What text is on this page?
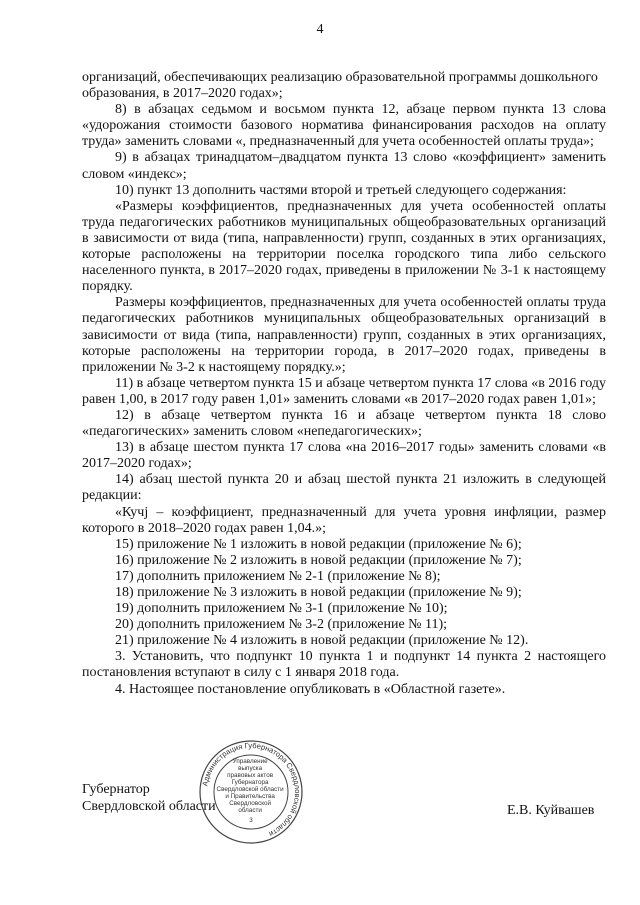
4

организаций, обеспечивающих реализацию образовательной программы дошкольного образования, в 2017–2020 годах»;

8) в абзацах седьмом и восьмом пункта 12, абзаце первом пункта 13 слова «удорожания стоимости базового норматива финансирования расходов на оплату труда» заменить словами «, предназначенный для учета особенностей оплаты труда»;

9) в абзацах тринадцатом–двадцатом пункта 13 слово «коэффициент» заменить словом «индекс»;

10) пункт 13 дополнить частями второй и третьей следующего содержания:

«Размеры коэффициентов, предназначенных для учета особенностей оплаты труда педагогических работников муниципальных общеобразовательных организаций в зависимости от вида (типа, направленности) групп, созданных в этих организациях, которые расположены на территории поселка городского типа либо сельского населенного пункта, в 2017–2020 годах, приведены в приложении № 3-1 к настоящему порядку.

Размеры коэффициентов, предназначенных для учета особенностей оплаты труда педагогических работников муниципальных общеобразовательных организаций в зависимости от вида (типа, направленности) групп, созданных в этих организациях, которые расположены на территории города, в 2017–2020 годах, приведены в приложении № 3-2 к настоящему порядку.»;

11) в абзаце четвертом пункта 15 и абзаце четвертом пункта 17 слова «в 2016 году равен 1,00, в 2017 году равен 1,01» заменить словами «в 2017–2020 годах равен 1,01»;

12) в абзаце четвертом пункта 16 и абзаце четвертом пункта 18 слово «педагогических» заменить словом «непедагогических»;

13) в абзаце шестом пункта 17 слова «на 2016–2017 годы» заменить словами «в 2017–2020 годах»;

14) абзац шестой пункта 20 и абзац шестой пункта 21 изложить в следующей редакции:

«Кучј – коэффициент, предназначенный для учета уровня инфляции, размер которого в 2018–2020 годах равен 1,04.»;

15) приложение № 1 изложить в новой редакции (приложение № 6);

16) приложение № 2 изложить в новой редакции (приложение № 7);

17) дополнить приложением № 2-1 (приложение № 8);

18) приложение № 3 изложить в новой редакции (приложение № 9);

19) дополнить приложением № 3-1 (приложение № 10);

20) дополнить приложением № 3-2 (приложение № 11);

21) приложение № 4 изложить в новой редакции (приложение № 12).

3. Установить, что подпункт 10 пункта 1 и подпункт 14 пункта 2 настоящего постановления вступают в силу с 1 января 2018 года.

4. Настоящее постановление опубликовать в «Областной газете».

Администрация Губернатора Свердловской области
Управление выпуска правовых актов Губернатора Свердловской области и Правительства Свердловской области 3
Губернатор
Свердловской области	Е.В. Куйвашев
